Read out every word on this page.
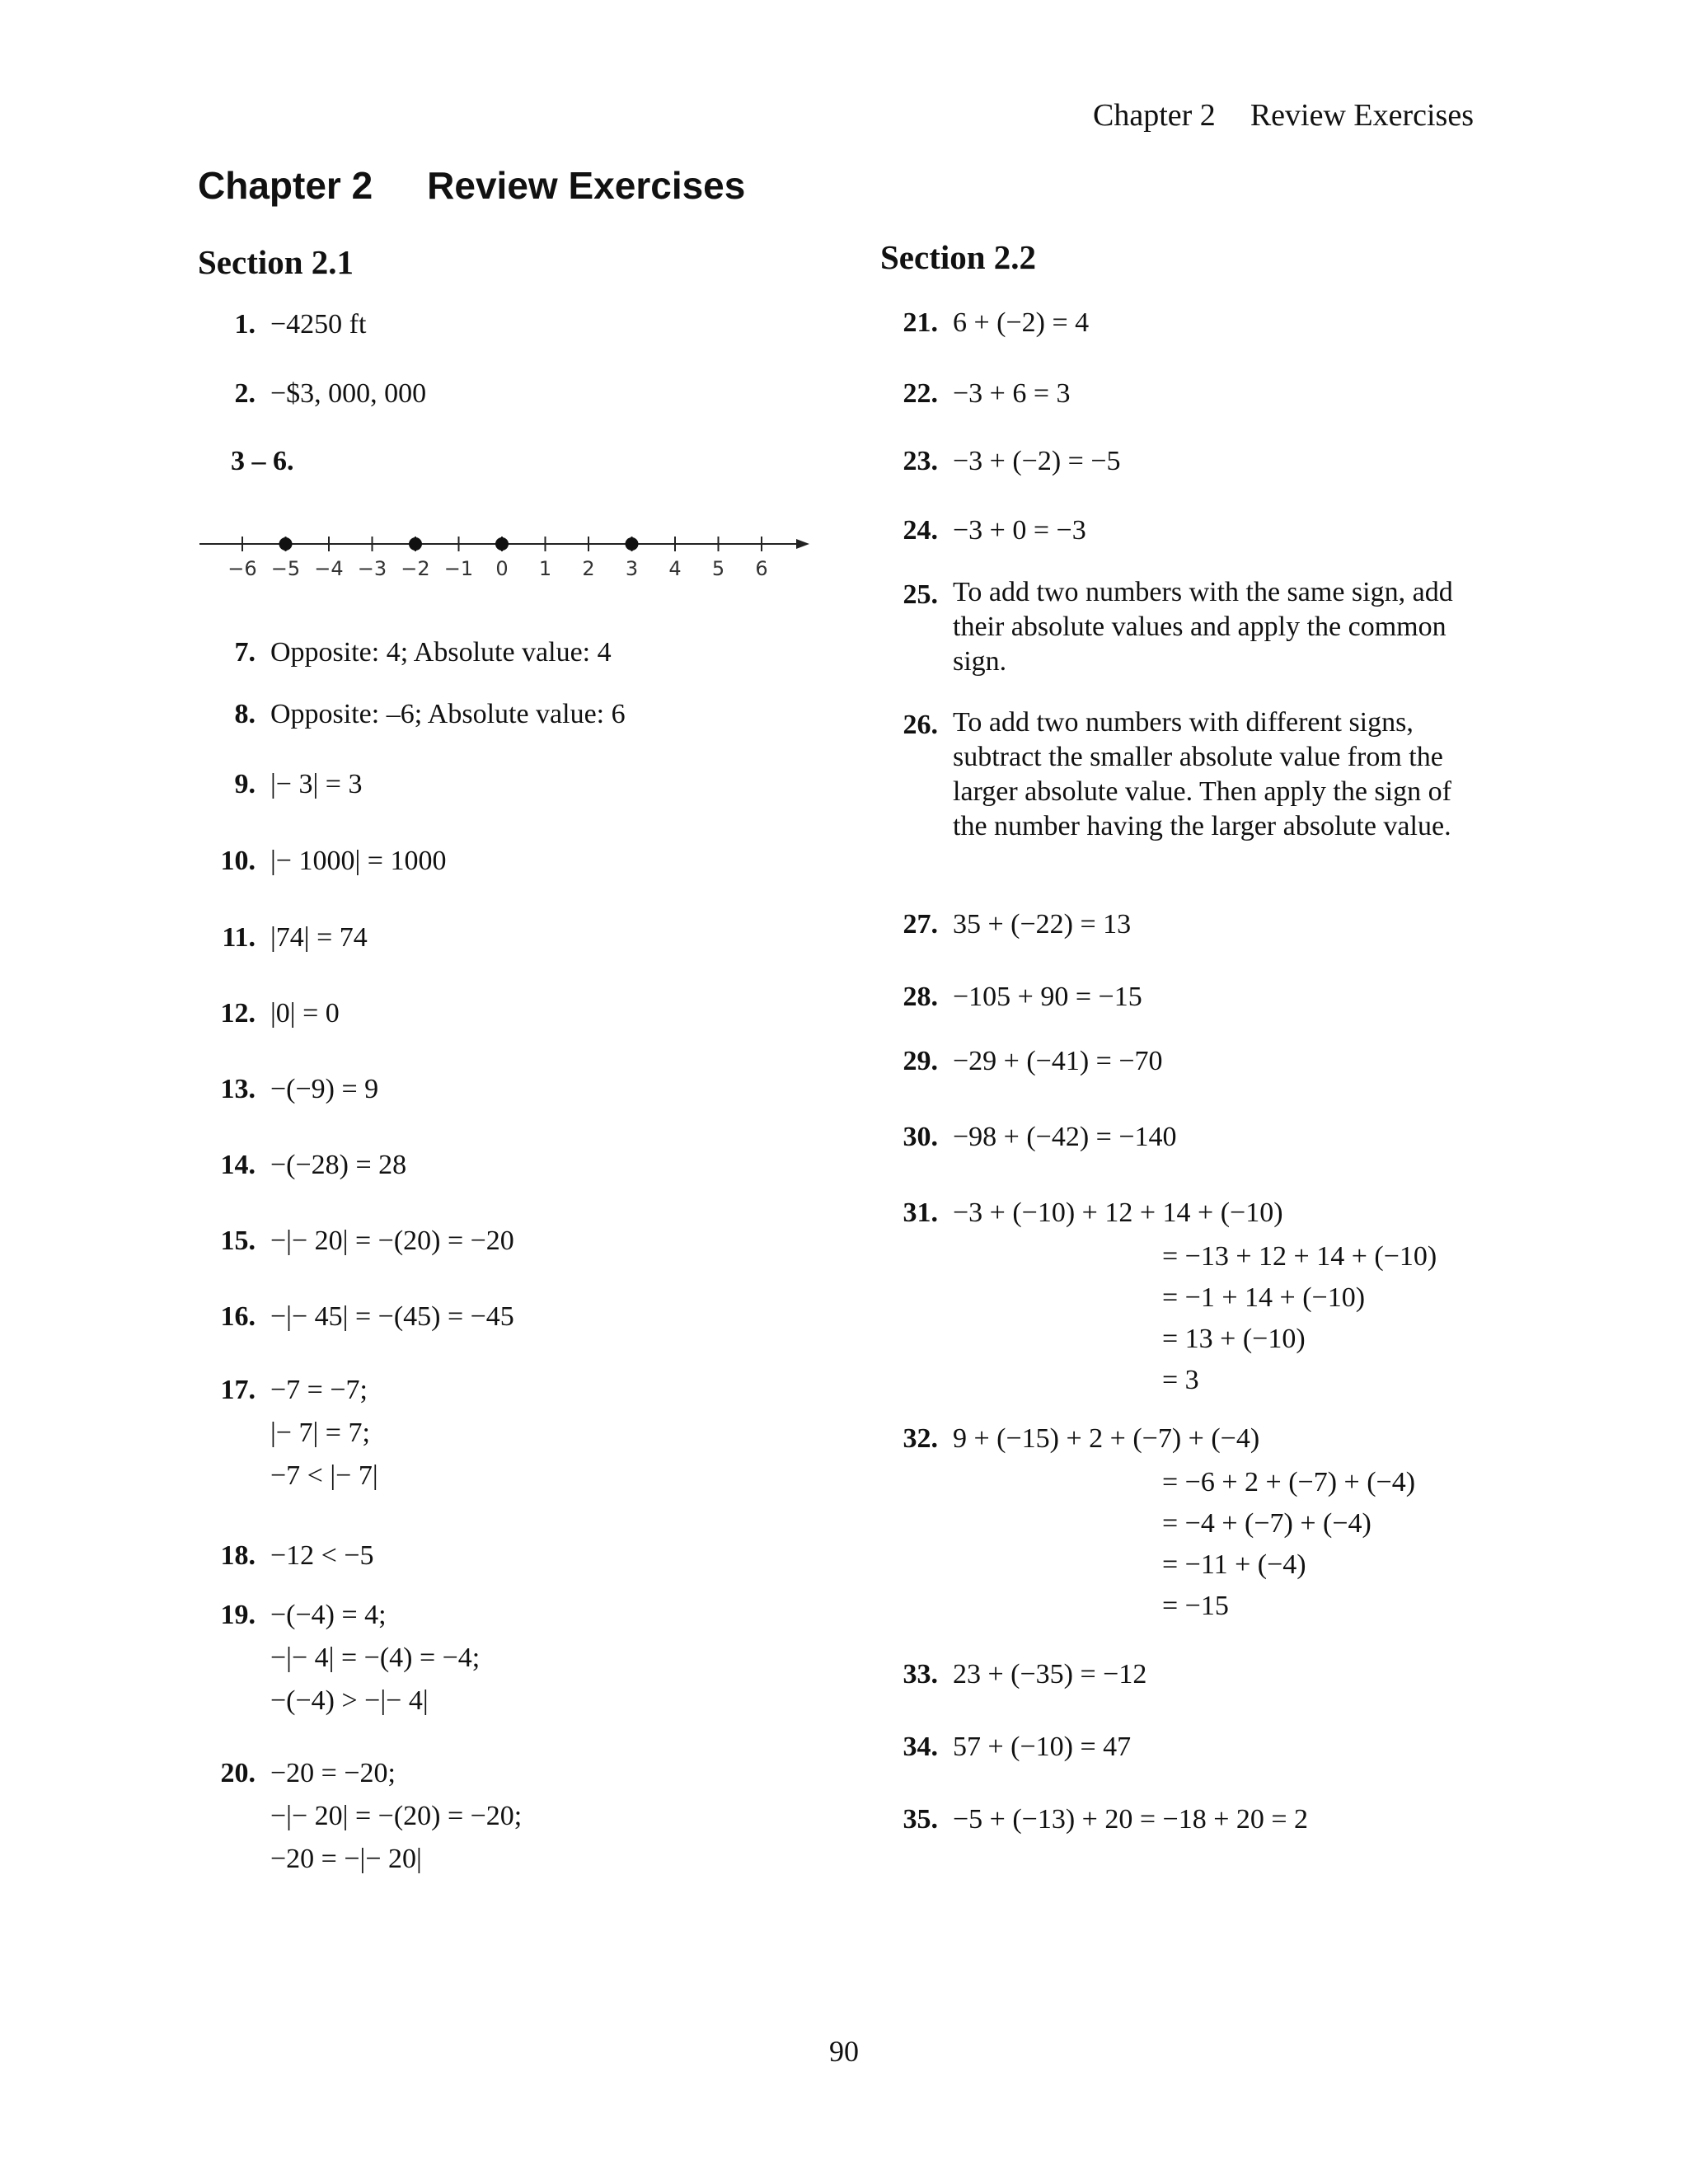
Chapter 2 Review Exercises
Chapter 2 Review Exercises
Section 2.1	Section 2.2
1. −4250 ft
2. −$3, 000, 000
3 – 6.
7. Opposite: 4; Absolute value: 4
8. Opposite: –6; Absolute value: 6
9. |− 3| = 3
10. |− 1000| = 1000
11. |74| = 74
12. |0| = 0
13. −(−9) = 9
14. −(−28) = 28
15. −|− 20| = −(20) = −20
16. −|− 45| = −(45) = −45
17. −7 = −7;
|− 7| = 7;
−7 < |− 7|
18. −12 < −5
19. −(−4) = 4;
−|− 4| = −(4) = −4;
−(−4) > −|− 4|
20. −20 = −20;
−|− 20| = −(20) = −20;
−20 = −|− 20|
−6 −5 −4 −3 −2 −1 0 1 2 3 4 5 6
21. 6 + (−2) = 4
22. −3 + 6 = 3
23. −3 + (−2) = −5
24. −3 + 0 = −3
25. To add two numbers with the same sign, add their absolute values and apply the common sign.
26. To add two numbers with different signs, subtract the smaller absolute value from the larger absolute value. Then apply the sign of the number having the larger absolute value.
27. 35 + (−22) = 13
28. −105 + 90 = −15
29. −29 + (−41) = −70
30. −98 + (−42) = −140
31. −3 + (−10) + 12 + 14 + (−10)
= −13 + 12 + 14 + (−10)
= −1 + 14 + (−10)
= 13 + (−10)
= 3
32. 9 + (−15) + 2 + (−7) + (−4)
= −6 + 2 + (−7) + (−4)
= −4 + (−7) + (−4)
= −11 + (−4)
= −15
33. 23 + (−35) = −12
34. 57 + (−10) = 47
35. −5 + (−13) + 20 = −18 + 20 = 2
90
